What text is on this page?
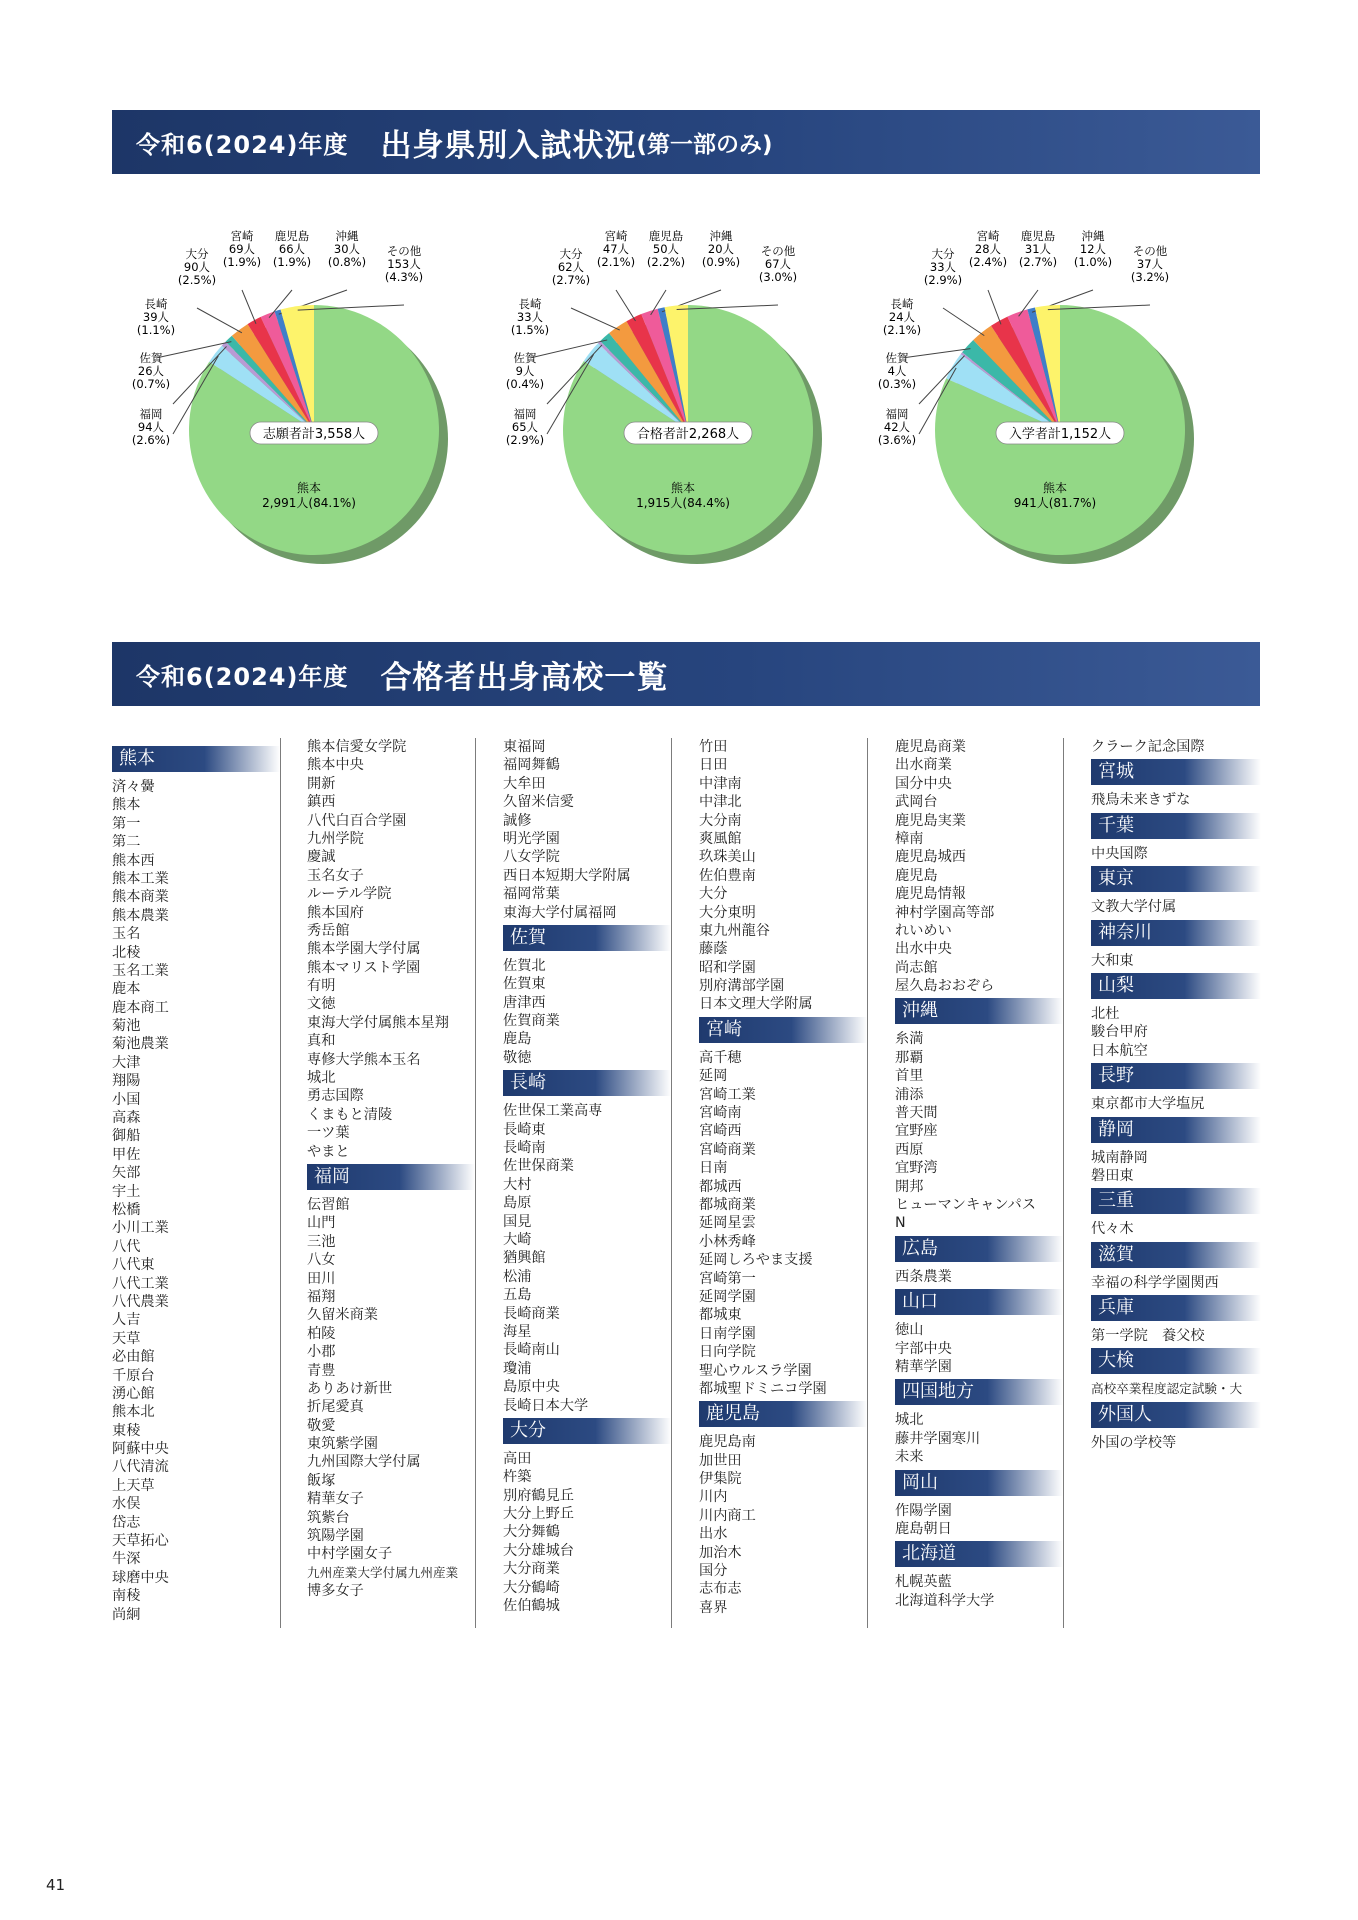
令和6(2024)年度 出身県別入試状況 (第一部のみ)
熊本
2,991人(84.1%)
福岡
94人
(2.6%)
佐賀
26人
(0.7%)
長崎
39人
(1.1%)
大分
90人
(2.5%)
宮崎
69人
(1.9%)
鹿児島
66人
(1.9%)
沖縄
30人
(0.8%)
その他
153人
(4.3%)
志願者計3,558人
熊本
1,915人(84.4%)
福岡
65人
(2.9%)
佐賀
9人
(0.4%)
長崎
33人
(1.5%)
大分
62人
(2.7%)
宮崎
47人
(2.1%)
鹿児島
50人
(2.2%)
沖縄
20人
(0.9%)
その他
67人
(3.0%)
合格者計2,268人
熊本
941人(81.7%)
福岡
42人
(3.6%)
佐賀
4人
(0.3%)
長崎
24人
(2.1%)
大分
33人
(2.9%)
宮崎
28人
(2.4%)
鹿児島
31人
(2.7%)
沖縄
12人
(1.0%)
その他
37人
(3.2%)
入学者計1,152人
令和6(2024)年度 合格者出身高校一覧
熊本
済々黌
熊本
第一
第二
熊本西
熊本工業
熊本商業
熊本農業
玉名
北稜
玉名工業
鹿本
鹿本商工
菊池
菊池農業
大津
翔陽
小国
高森
御船
甲佐
矢部
宇土
松橋
小川工業
八代
八代東
八代工業
八代農業
人吉
天草
必由館
千原台
湧心館
熊本北
東稜
阿蘇中央
八代清流
上天草
水俣
岱志
天草拓心
牛深
球磨中央
南稜
尚絅
熊本信愛女学院
熊本中央
開新
鎮西
八代白百合学園
九州学院
慶誠
玉名女子
ルーテル学院
熊本国府
秀岳館
熊本学園大学付属
熊本マリスト学園
有明
文徳
東海大学付属熊本星翔
真和
専修大学熊本玉名
城北
勇志国際
くまもと清陵
一ツ葉
やまと
福岡
伝習館
山門
三池
八女
田川
福翔
久留米商業
柏陵
小郡
青豊
ありあけ新世
折尾愛真
敬愛
東筑紫学園
九州国際大学付属
飯塚
精華女子
筑紫台
筑陽学園
中村学園女子
九州産業大学付属九州産業
博多女子
東福岡
福岡舞鶴
大牟田
久留米信愛
誠修
明光学園
八女学院
西日本短期大学附属
福岡常葉
東海大学付属福岡
佐賀
佐賀北
佐賀東
唐津西
佐賀商業
鹿島
敬徳
長崎
佐世保工業高専
長崎東
長崎南
佐世保商業
大村
島原
国見
大崎
猶興館
松浦
五島
長崎商業
海星
長崎南山
瓊浦
島原中央
長崎日本大学
大分
高田
杵築
別府鶴見丘
大分上野丘
大分舞鶴
大分雄城台
大分商業
大分鶴崎
佐伯鶴城
竹田
日田
中津南
中津北
大分南
爽風館
玖珠美山
佐伯豊南
大分
大分東明
東九州龍谷
藤蔭
昭和学園
別府溝部学園
日本文理大学附属
宮崎
高千穂
延岡
宮崎工業
宮崎南
宮崎西
宮崎商業
日南
都城西
都城商業
延岡星雲
小林秀峰
延岡しろやま支援
宮崎第一
延岡学園
都城東
日南学園
日向学院
聖心ウルスラ学園
都城聖ドミニコ学園
鹿児島
鹿児島南
加世田
伊集院
川内
川内商工
出水
加治木
国分
志布志
喜界
鹿児島商業
出水商業
国分中央
武岡台
鹿児島実業
樟南
鹿児島城西
鹿児島
鹿児島情報
神村学園高等部
れいめい
出水中央
尚志館
屋久島おおぞら
沖縄
糸満
那覇
首里
浦添
普天間
宜野座
西原
宜野湾
開邦
ヒューマンキャンパス
N
広島
西条農業
山口
徳山
宇部中央
精華学園
四国地方
城北
藤井学園寒川
未来
岡山
作陽学園
鹿島朝日
北海道
札幌英藍
北海道科学大学
クラーク記念国際
宮城
飛鳥未来きずな
千葉
中央国際
東京
文教大学付属
神奈川
大和東
山梨
北杜
駿台甲府
日本航空
長野
東京都市大学塩尻
静岡
城南静岡
磐田東
三重
代々木
滋賀
幸福の科学学園関西
兵庫
第一学院　養父校
大検
高校卒業程度認定試験・大
外国人
外国の学校等
41
